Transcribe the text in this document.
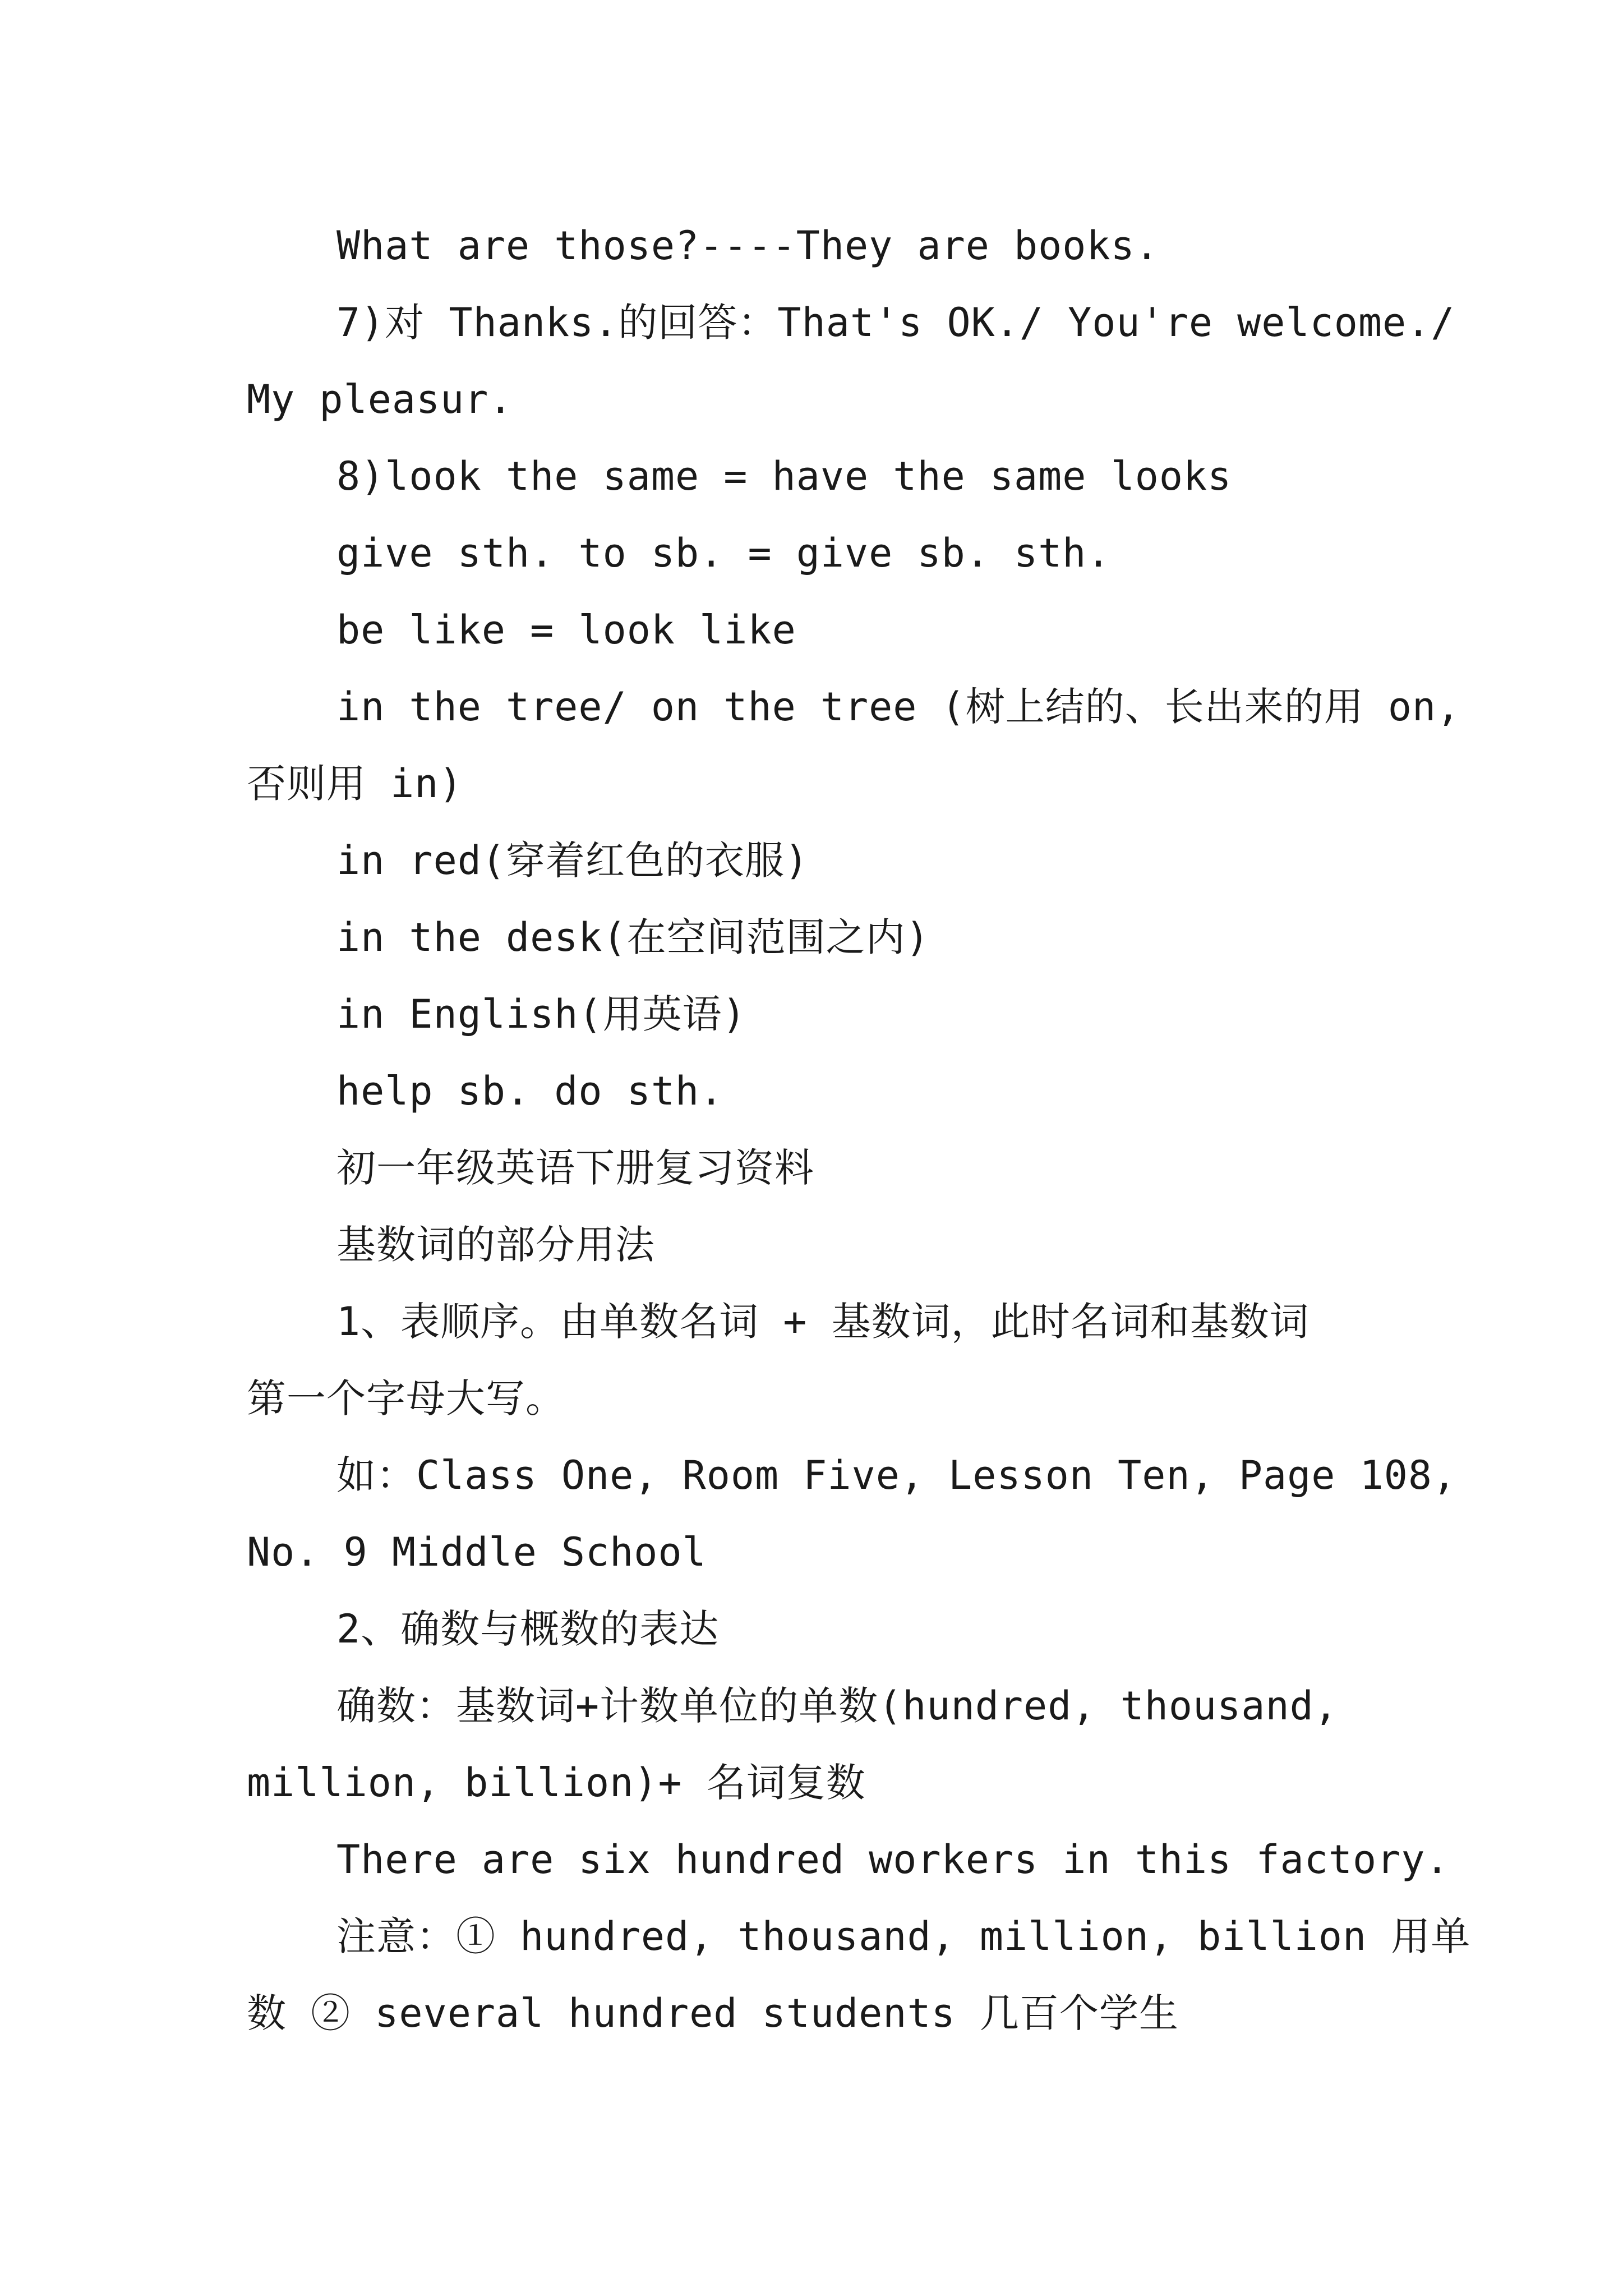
What are those?----They are books.
7)对 Thanks.的回答：That's OK./ You're welcome./
My pleasur.
8)look the same = have the same looks
give sth. to sb. = give sb. sth.
be like = look like
in the tree/ on the tree (树上结的、长出来的用 on,
否则用 in)
in red(穿着红色的衣服)
in the desk(在空间范围之内)
in English(用英语)
help sb. do sth.
初一年级英语下册复习资料
基数词的部分用法
1、表顺序。由单数名词 + 基数词，此时名词和基数词
第一个字母大写。
如：Class One, Room Five, Lesson Ten, Page 108,
No. 9 Middle School
2、确数与概数的表达
确数：基数词+计数单位的单数(hundred, thousand,
million, billion)+ 名词复数
There are six hundred workers in this factory.
注意：① hundred, thousand, million, billion 用单
数 ② several hundred students 几百个学生
